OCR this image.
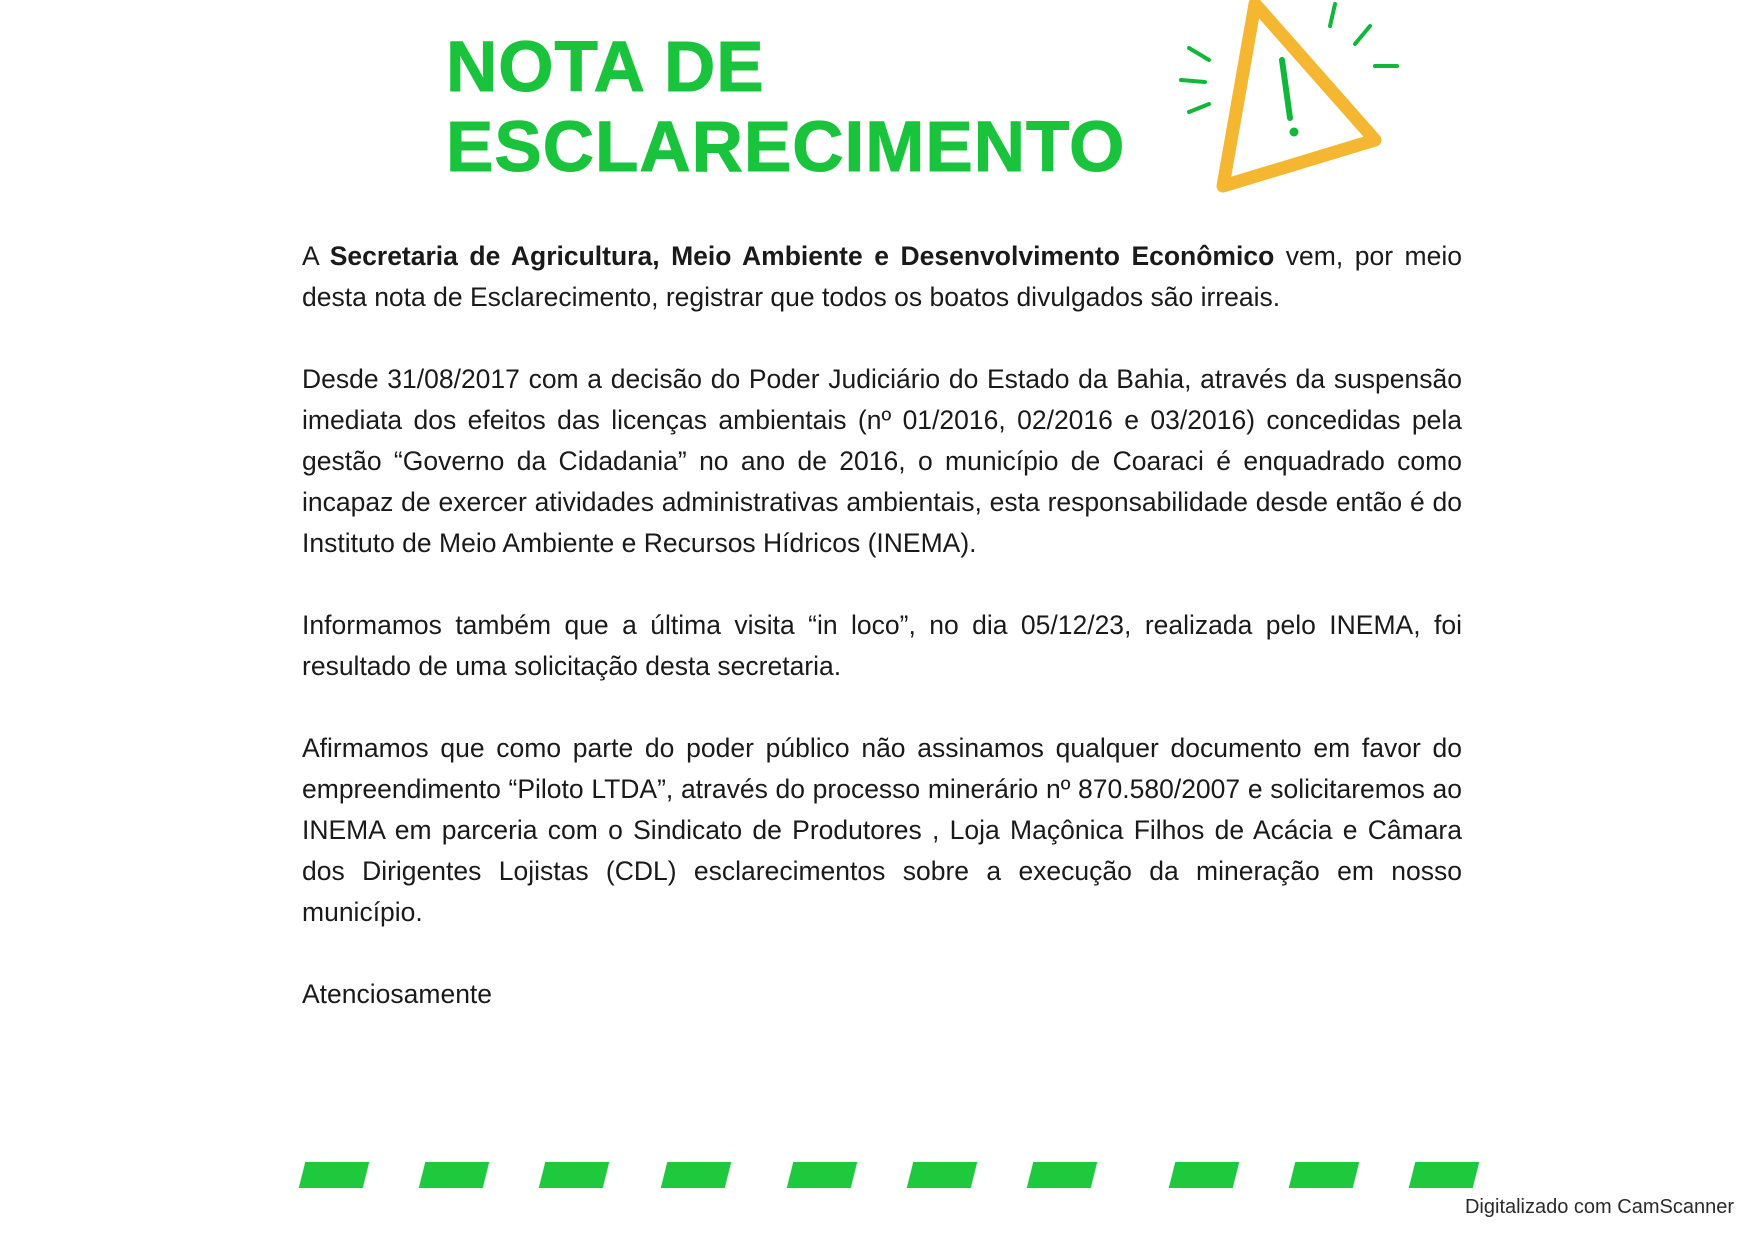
NOTA DE
ESCLARECIMENTO

A Secretaria de Agricultura, Meio Ambiente e Desenvolvimento Econômico vem, por meio desta nota de Esclarecimento, registrar que todos os boatos divulgados são irreais.

Desde 31/08/2017 com a decisão do Poder Judiciário do Estado da Bahia, através da suspensão imediata dos efeitos das licenças ambientais (nº 01/2016, 02/2016 e 03/2016) concedidas pela gestão “Governo da Cidadania” no ano de 2016, o município de Coaraci é enquadrado como incapaz de exercer atividades administrativas ambientais, esta responsabilidade desde então é do Instituto de Meio Ambiente e Recursos Hídricos (INEMA).

Informamos também que a última visita “in loco”, no dia 05/12/23, realizada pelo INEMA, foi resultado de uma solicitação desta secretaria.

Afirmamos que como parte do poder público não assinamos qualquer documento em favor do empreendimento “Piloto LTDA”, através do processo minerário nº 870.580/2007 e solicitaremos ao INEMA em parceria com o Sindicato de Produtores , Loja Maçônica Filhos de Acácia e Câmara dos Dirigentes Lojistas (CDL) esclarecimentos sobre a execução da mineração em nosso município.

Atenciosamente

Digitalizado com CamScanner
